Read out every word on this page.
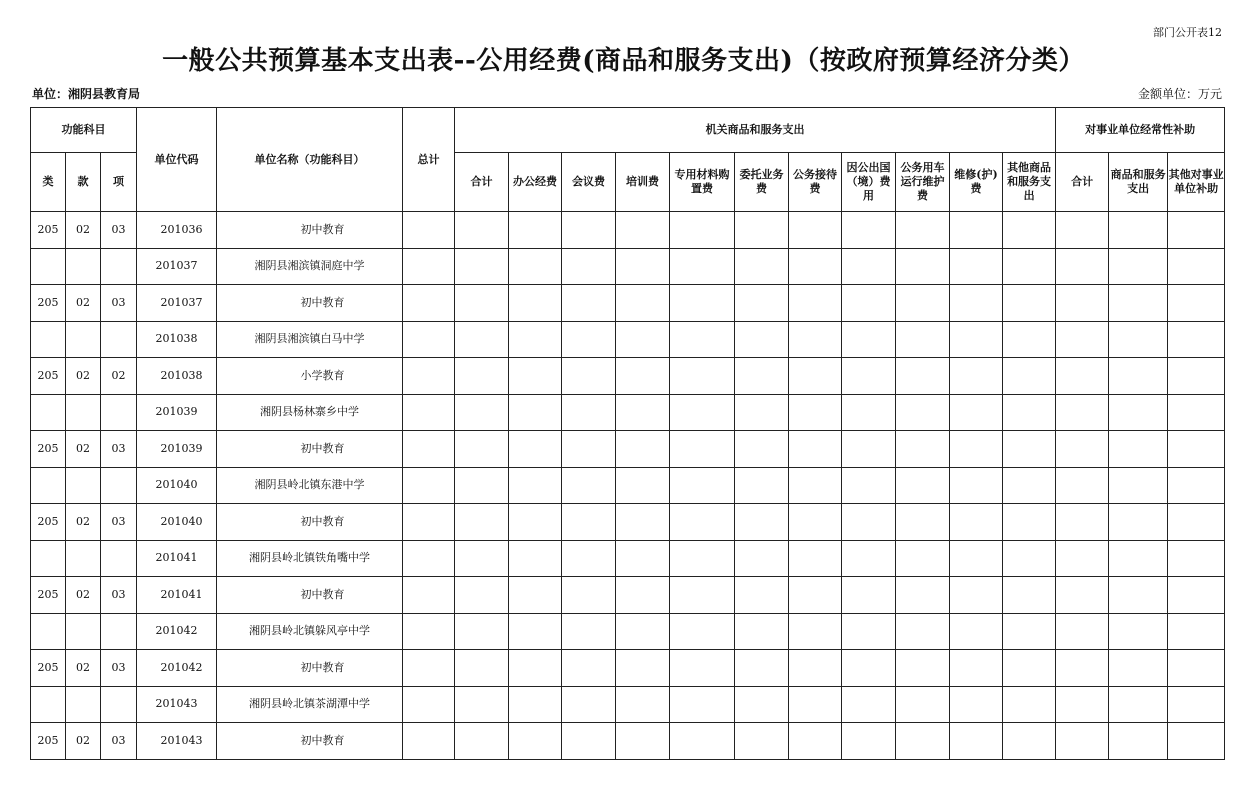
部门公开表12
一般公共预算基本支出表--公用经费(商品和服务支出)（按政府预算经济分类）
单位：湘阴县教育局	金额单位：万元
功能科目			单位代码	单位名称（功能科目）	总计	机关商品和服务支出											对事业单位经常性补助		
类	款	项				合计	办公经费	会议费	培训费	专用材料购置费	委托业务费	公务接待费	因公出国（境）费用	公务用车运行维护费	维修(护)费	其他商品和服务支出	合计	商品和服务支出	其他对事业单位补助
205	02	03	201036	初中教育															
			201037	湘阴县湘滨镇洞庭中学															
205	02	03	201037	初中教育															
			201038	湘阴县湘滨镇白马中学															
205	02	02	201038	小学教育															
			201039	湘阴县杨林寨乡中学															
205	02	03	201039	初中教育															
			201040	湘阴县岭北镇东港中学															
205	02	03	201040	初中教育															
			201041	湘阴县岭北镇铁角嘴中学															
205	02	03	201041	初中教育															
			201042	湘阴县岭北镇躲风亭中学															
205	02	03	201042	初中教育															
			201043	湘阴县岭北镇茶湖潭中学															
205	02	03	201043	初中教育															
